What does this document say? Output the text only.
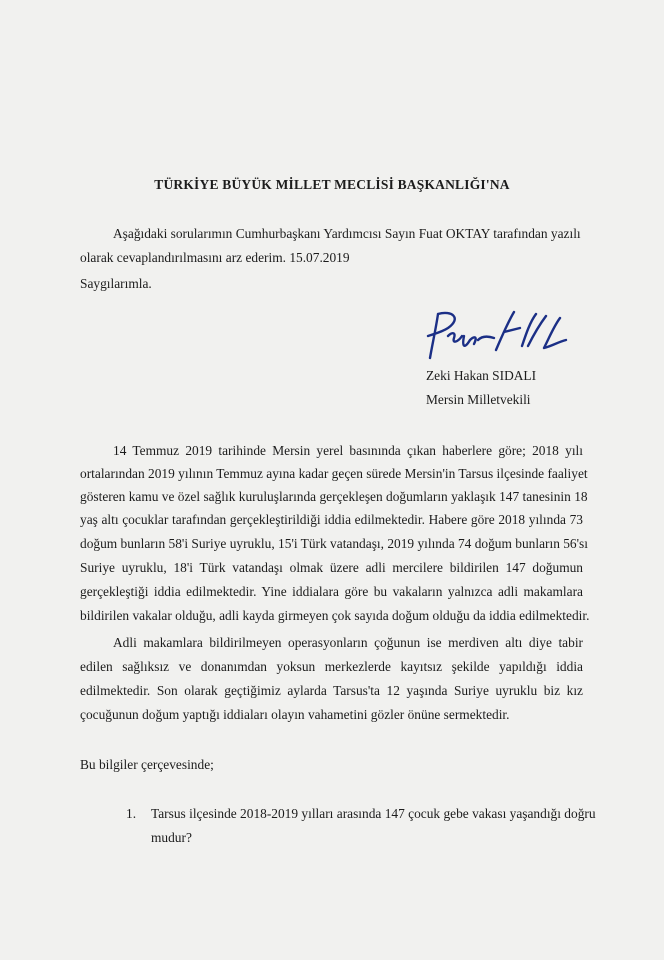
TÜRKİYE BÜYÜK MİLLET MECLİSİ BAŞKANLIĞI'NA
Aşağıdaki sorularımın Cumhurbaşkanı Yardımcısı Sayın Fuat OKTAY tarafından yazılı
olarak cevaplandırılmasını arz ederim. 15.07.2019
Saygılarımla.
Zeki Hakan SIDALI
Mersin Milletvekili
14 Temmuz 2019 tarihinde Mersin yerel basınında çıkan haberlere göre; 2018 yılı
ortalarından 2019 yılının Temmuz ayına kadar geçen sürede Mersin'in Tarsus ilçesinde faaliyet
gösteren kamu ve özel sağlık kuruluşlarında gerçekleşen doğumların yaklaşık 147 tanesinin 18
yaş altı çocuklar tarafından gerçekleştirildiği iddia edilmektedir. Habere göre 2018 yılında 73
doğum bunların 58'i Suriye uyruklu, 15'i Türk vatandaşı, 2019 yılında 74 doğum bunların 56'sı
Suriye uyruklu, 18'i Türk vatandaşı olmak üzere adli mercilere bildirilen 147 doğumun
gerçekleştiği iddia edilmektedir. Yine iddialara göre bu vakaların yalnızca adli makamlara
bildirilen vakalar olduğu, adli kayda girmeyen çok sayıda doğum olduğu da iddia edilmektedir.
Adli makamlara bildirilmeyen operasyonların çoğunun ise merdiven altı diye tabir
edilen sağlıksız ve donanımdan yoksun merkezlerde kayıtsız şekilde yapıldığı iddia
edilmektedir. Son olarak geçtiğimiz aylarda Tarsus'ta 12 yaşında Suriye uyruklu biz kız
çocuğunun doğum yaptığı iddiaları olayın vahametini gözler önüne sermektedir.
Bu bilgiler çerçevesinde;
1. Tarsus ilçesinde 2018-2019 yılları arasında 147 çocuk gebe vakası yaşandığı doğru
mudur?
